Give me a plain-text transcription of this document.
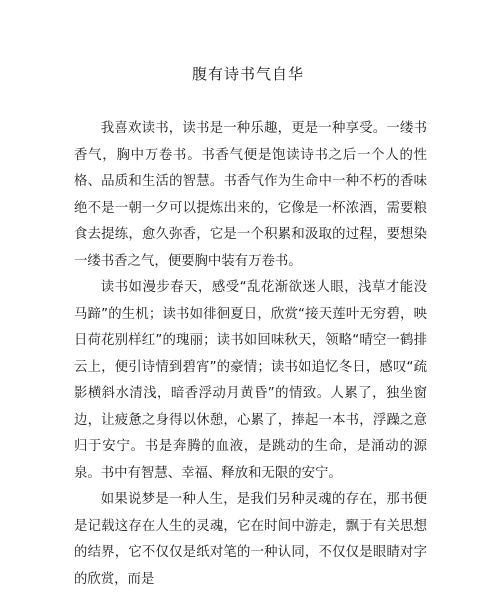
腹有诗书气自华

我喜欢读书，读书是一种乐趣，更是一种享受。一缕书香气，胸中万卷书。书香气便是饱读诗书之后一个人的性格、品质和生活的智慧。书香气作为生命中一种不朽的香味绝不是一朝一夕可以提炼出来的，它像是一杯浓酒，需要粮食去提练，愈久弥香，它是一个积累和汲取的过程，要想染一缕书香之气，便要胸中装有万卷书。

读书如漫步春天，感受“乱花渐欲迷人眼，浅草才能没马蹄”的生机；读书如徘徊夏日，欣赏“接天莲叶无穷碧，映日荷花别样红”的瑰丽；读书如回味秋天，领略“晴空一鹤排云上，便引诗情到碧宵”的豪情；读书如追忆冬日，感叹“疏影横斜水清浅，暗香浮动月黄昏”的情致。人累了，独坐窗边，让疲惫之身得以休憩，心累了，捧起一本书，浮躁之意归于安宁。书是奔腾的血液，是跳动的生命，是涌动的源泉。书中有智慧、幸福、释放和无限的安宁。

如果说梦是一种人生，是我们另种灵魂的存在，那书便是记载这存在人生的灵魂，它在时间中游走，飘于有关思想的结界，它不仅仅是纸对笔的一种认同，不仅仅是眼睛对字的欣赏，而是
